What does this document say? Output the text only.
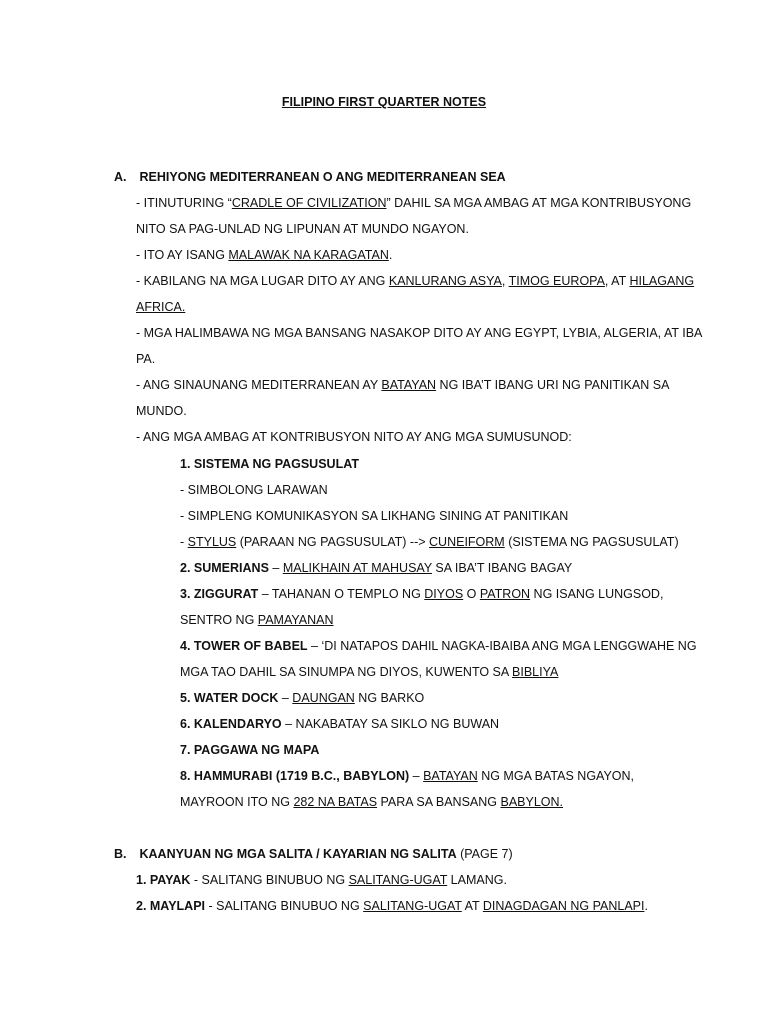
FILIPINO FIRST QUARTER NOTES
A. REHIYONG MEDITERRANEAN O ANG MEDITERRANEAN SEA
- ITINUTURING “CRADLE OF CIVILIZATION” DAHIL SA MGA AMBAG AT MGA KONTRIBUSYONG
NITO SA PAG-UNLAD NG LIPUNAN AT MUNDO NGAYON.
- ITO AY ISANG MALAWAK NA KARAGATAN.
- KABILANG NA MGA LUGAR DITO AY ANG KANLURANG ASYA, TIMOG EUROPA, AT HILAGANG
AFRICA.
- MGA HALIMBAWA NG MGA BANSANG NASAKOP DITO AY ANG EGYPT, LYBIA, ALGERIA, AT IBA
PA.
- ANG SINAUNANG MEDITERRANEAN AY BATAYAN NG IBA’T IBANG URI NG PANITIKAN SA
MUNDO.
- ANG MGA AMBAG AT KONTRIBUSYON NITO AY ANG MGA SUMUSUNOD:
1. SISTEMA NG PAGSUSULAT
- SIMBOLONG LARAWAN
- SIMPLENG KOMUNIKASYON SA LIKHANG SINING AT PANITIKAN
- STYLUS (PARAAN NG PAGSUSULAT) --> CUNEIFORM (SISTEMA NG PAGSUSULAT)
2. SUMERIANS – MALIKHAIN AT MAHUSAY SA IBA’T IBANG BAGAY
3. ZIGGURAT – TAHANAN O TEMPLO NG DIYOS O PATRON NG ISANG LUNGSOD,
SENTRO NG PAMAYANAN
4. TOWER OF BABEL – ‘DI NATAPOS DAHIL NAGKA-IBAIBA ANG MGA LENGGWAHE NG
MGA TAO DAHIL SA SINUMPA NG DIYOS, KUWENTO SA BIBLIYA
5. WATER DOCK – DAUNGAN NG BARKO
6. KALENDARYO – NAKABATAY SA SIKLO NG BUWAN
7. PAGGAWA NG MAPA
8. HAMMURABI (1719 B.C., BABYLON) – BATAYAN NG MGA BATAS NGAYON,
MAYROON ITO NG 282 NA BATAS PARA SA BANSANG BABYLON.
B. KAANYUAN NG MGA SALITA / KAYARIAN NG SALITA (PAGE 7)
1. PAYAK - SALITANG BINUBUO NG SALITANG-UGAT LAMANG.
2. MAYLAPI - SALITANG BINUBUO NG SALITANG-UGAT AT DINAGDAGAN NG PANLAPI.
